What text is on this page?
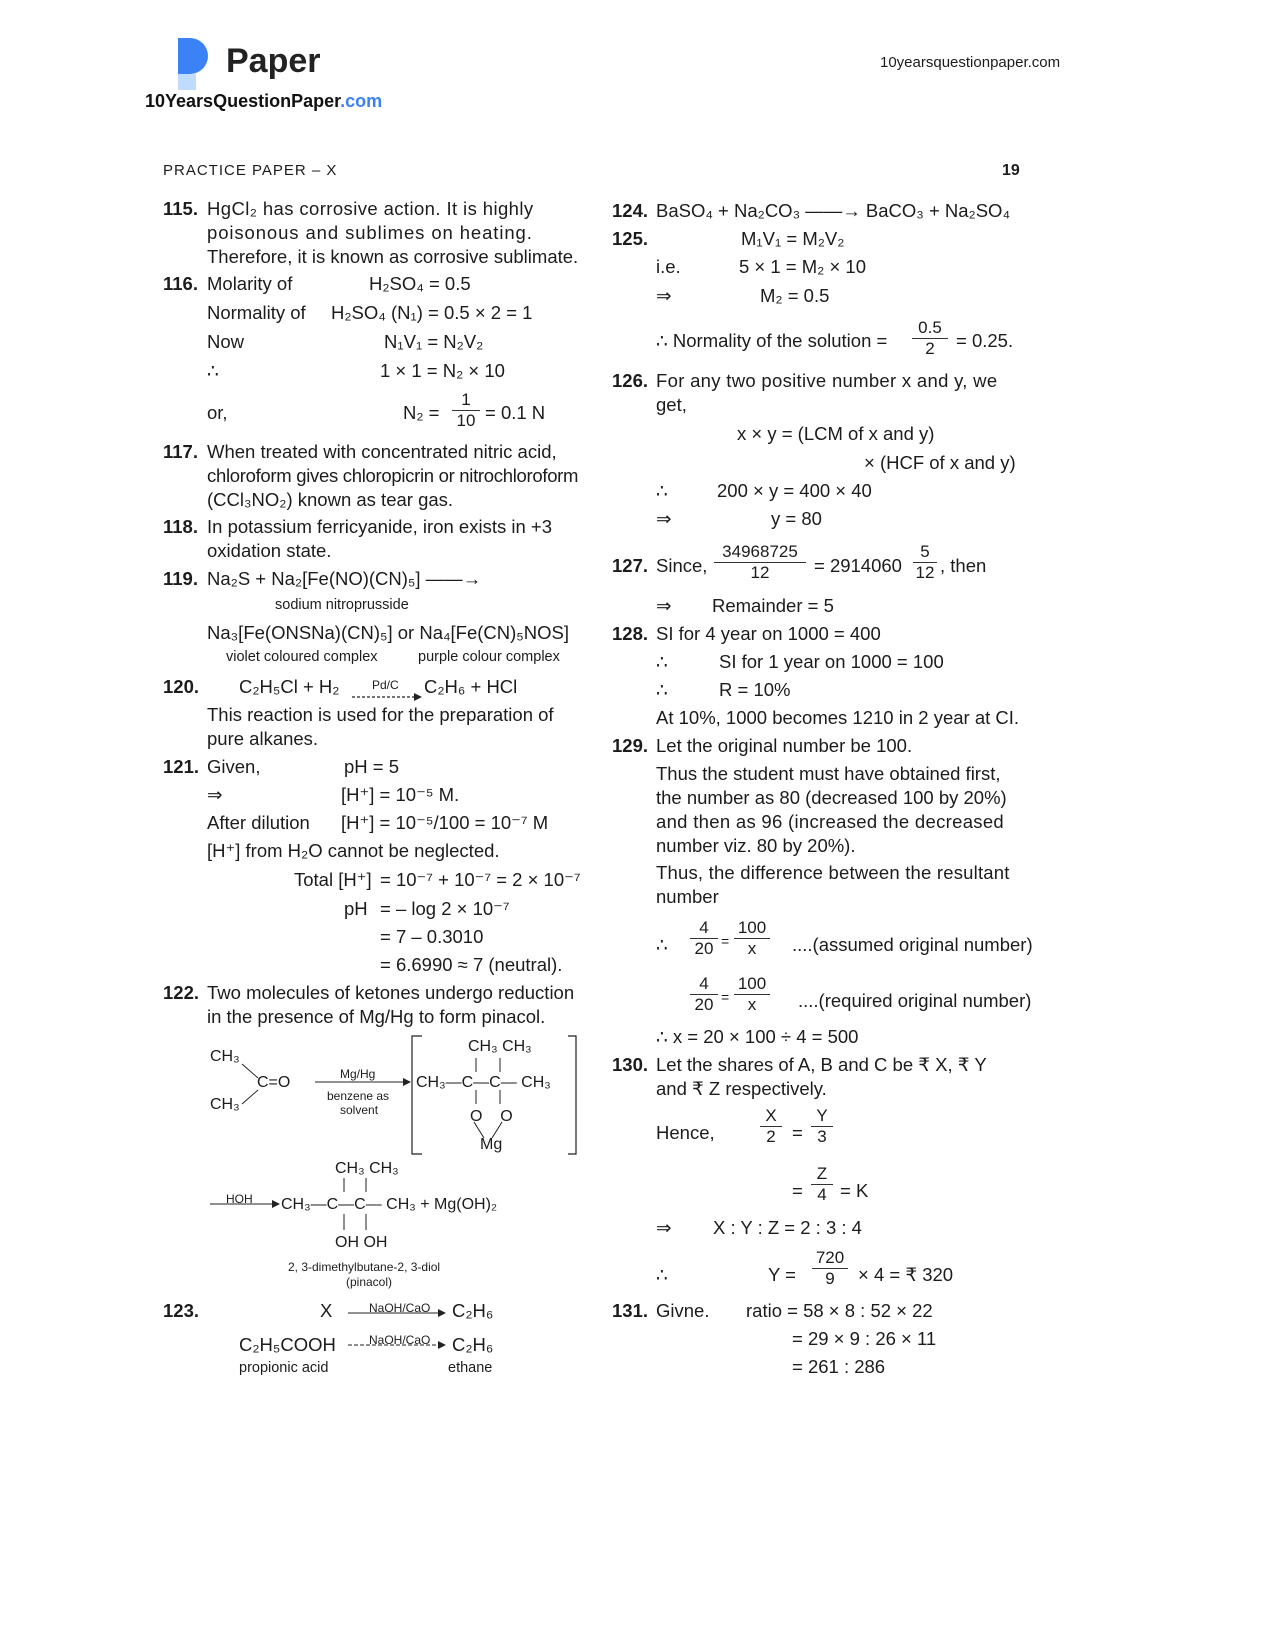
Paper
10YearsQuestionPaper.com
10yearsquestionpaper.com
PRACTICE PAPER – X	19
115. HgCl₂ has corrosive action. It is highly
poisonous and sublimes on heating.
Therefore, it is known as corrosive sublimate.
116. Molarity of	H₂SO₄ = 0.5
Normality of H₂SO₄ (N₁) = 0.5 × 2 = 1
Now	N₁V₁ = N₂V₂
∴	1 × 1 = N₂ × 10
or,	$N_2 = \frac{1}{10} = 0.1$ N
117. When treated with concentrated nitric acid,
chloroform gives chloropicrin or nitrochloroform
(CCl₃NO₂) known as tear gas.
118. In potassium ferricyanide, iron exists in +3
oxidation state.
119. Na₂S + Na₂[Fe(NO)(CN)₅] ——→
sodium nitroprusside
Na₃[Fe(ONSNa)(CN)₅] or Na₄[Fe(CN)₅NOS]
violet coloured complex	purple colour complex
120. C₂H₅Cl + H₂	Pd/C C₂H₆ + HCl
This reaction is used for the preparation of
pure alkanes.
121. Given,	pH = 5
⇒	[H⁺] = 10⁻⁵ M.
After dilution [H⁺] = 10⁻⁵/100 = 10⁻⁷ M
[H⁺] from H₂O cannot be neglected.
Total [H⁺] = 10⁻⁷ + 10⁻⁷ = 2 × 10⁻⁷
pH = – log 2 × 10⁻⁷
= 7 – 0.3010
= 6.6990 ≈ 7 (neutral).
122. Two molecules of ketones undergo reduction
in the presence of Mg/Hg to form pinacol.
CH₃
CH₃
C=O	Mg/Hg
benzene as
solvent
CH₃ CH₃
CH₃—C—C— CH₃
O    O
Mg
CH₃ CH₃
HOH CH₃—C—C— CH₃ + Mg(OH)₂
OH OH
2, 3-dimethylbutane-2, 3-diol
(pinacol)
123.	X	NaOH/CaO C₂H₆
C₂H₅COOH	NaOH/CaO C₂H₆
propionic acid	ethane
124. BaSO₄ + Na₂CO₃ ——→ BaCO₃ + Na₂SO₄
125.	M₁V₁ = M₂V₂
i.e.	5 × 1 = M₂ × 10
⇒	M₂ = 0.5
∴ Normality of the solution = $\frac{0.5}{2} = 0.25$.
126. For any two positive number x and y, we
get,
x × y = (LCM of x and y)
× (HCF of x and y)
∴	200 × y = 400 × 40
⇒	y = 80
127. Since, $\frac{34968725}{12} = 2914060 \frac{5}{12}$ , then
⇒ Remainder = 5
128. SI for 4 year on 1000 = 400
∴	SI for 1 year on 1000 = 100
∴	R = 10%
At 10%, 1000 becomes 1210 in 2 year at CI.
129. Let the original number be 100.
Thus the student must have obtained first,
the number as 80 (decreased 100 by 20%)
and then as 96 (increased the decreased
number viz. 80 by 20%).
Thus, the difference between the resultant
number
∴ $\frac{4}{20} = \frac{100}{x}$ ....(assumed original number)
$\frac{4}{20} = \frac{100}{x}$ ....(required original number)
∴ x = 20 × 100 ÷ 4 = 500
130. Let the shares of A, B and C be ₹ X, ₹ Y
and ₹ Z respectively.
Hence,	$\frac{X}{2} = \frac{Y}{3}$
= $\frac{Z}{4} = K$
⇒ X : Y : Z = 2 : 3 : 4
∴	$Y = \frac{720}{9} \times 4$ = ₹ 320
131. Givne. ratio = 58 × 8 : 52 × 22
= 29 × 9 : 26 × 11
= 261 : 286
